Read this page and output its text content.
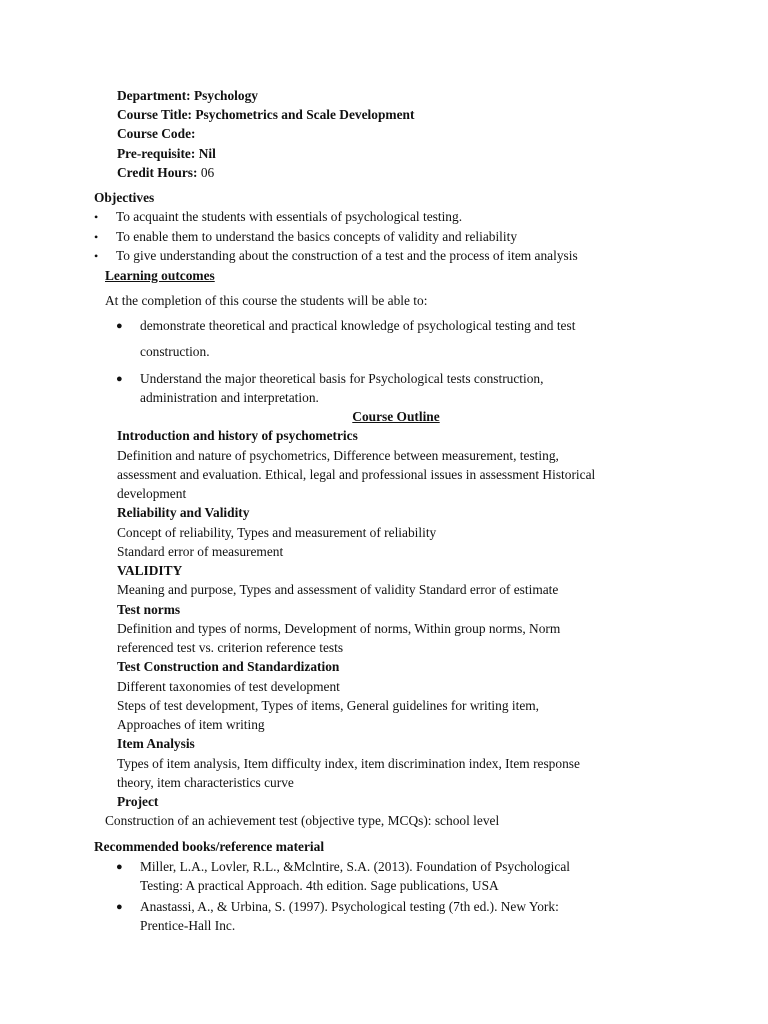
Department: Psychology
Course Title: Psychometrics and Scale Development
Course Code:
Pre-requisite: Nil
Credit Hours: 06
Objectives
• To acquaint the students with essentials of psychological testing.
• To enable them to understand the basics concepts of validity and reliability
• To give understanding about the construction of a test and the process of item analysis
Learning outcomes
At the completion of this course the students will be able to:
● demonstrate theoretical and practical knowledge of psychological testing and test
construction.
● Understand the major theoretical basis for Psychological tests construction,
administration and interpretation.
Course Outline
Introduction and history of psychometrics
Definition and nature of psychometrics, Difference between measurement, testing,
assessment and evaluation. Ethical, legal and professional issues in assessment Historical
development
Reliability and Validity
Concept of reliability, Types and measurement of reliability
Standard error of measurement
VALIDITY
Meaning and purpose, Types and assessment of validity Standard error of estimate
Test norms
Definition and types of norms, Development of norms, Within group norms, Norm
referenced test vs. criterion reference tests
Test Construction and Standardization
Different taxonomies of test development
Steps of test development, Types of items, General guidelines for writing item,
Approaches of item writing
Item Analysis
Types of item analysis, Item difficulty index, item discrimination index, Item response
theory, item characteristics curve
Project
Construction of an achievement test (objective type, MCQs): school level
Recommended books/reference material
● Miller, L.A., Lovler, R.L., &Mclntire, S.A. (2013). Foundation of Psychological
Testing: A practical Approach. 4th edition. Sage publications, USA
● Anastassi, A., & Urbina, S. (1997). Psychological testing (7th ed.). New York:
Prentice-Hall Inc.
